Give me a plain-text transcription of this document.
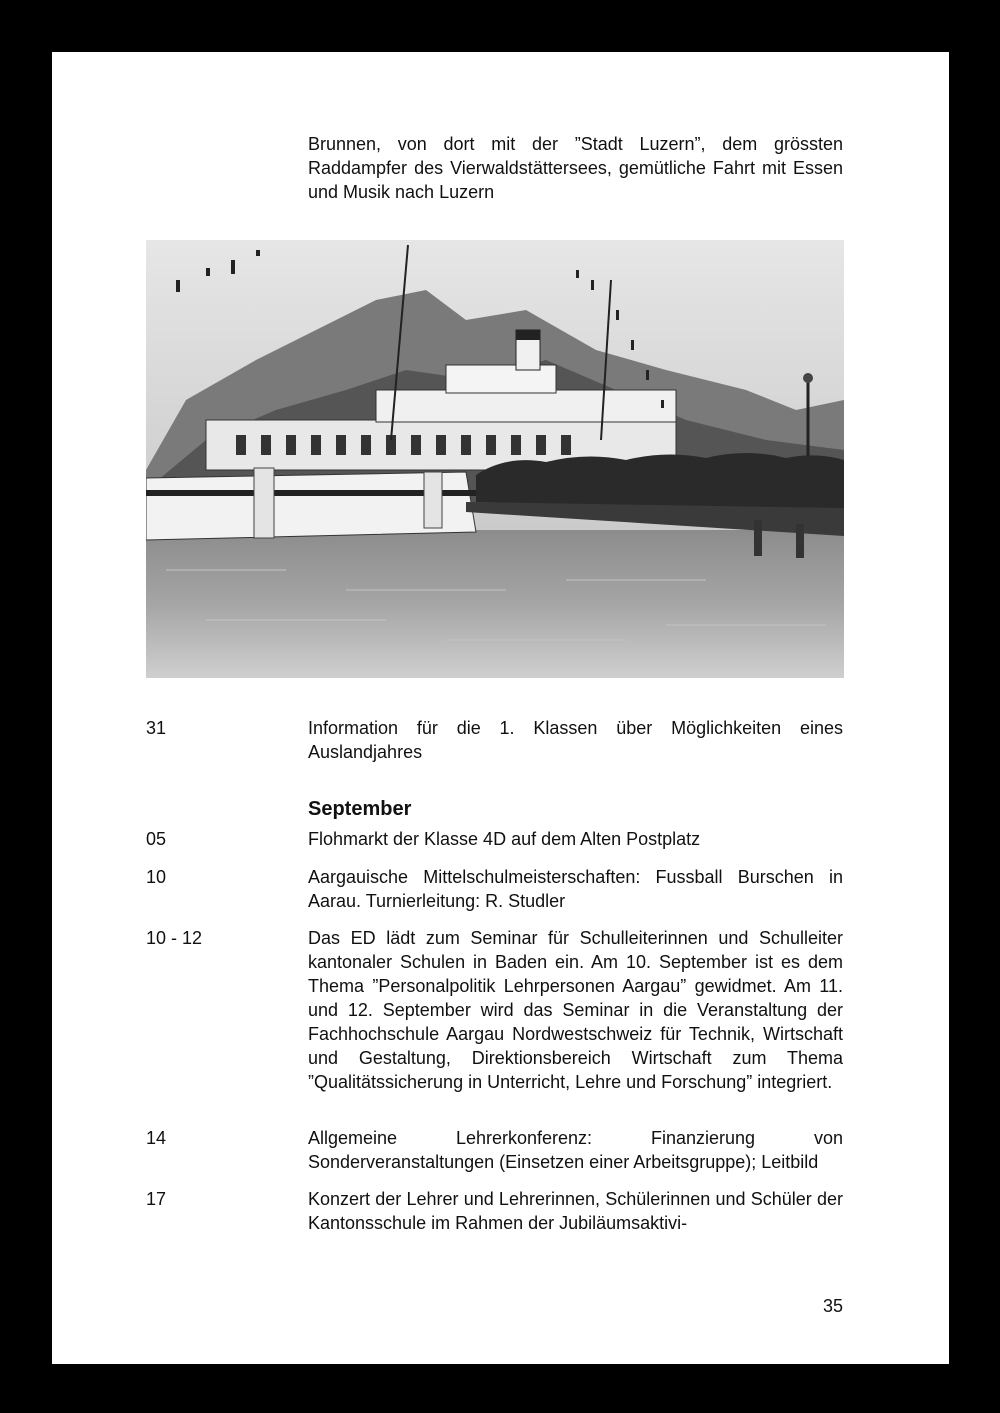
Brunnen, von dort mit der ”Stadt Luzern”, dem grössten Raddampfer des Vierwaldstättersees, gemütliche Fahrt mit Essen und Musik nach Luzern
31	Information für die 1. Klassen über Möglichkeiten eines Auslandjahres
September
05	Flohmarkt der Klasse 4D auf dem Alten Postplatz
10	Aargauische Mittelschulmeisterschaften: Fussball Burschen in Aarau. Turnierleitung: R. Studler
10 - 12	Das ED lädt zum Seminar für Schulleiterinnen und Schulleiter kantonaler Schulen in Baden ein. Am 10. September ist es dem Thema ”Personalpolitik Lehrpersonen Aargau” gewidmet. Am 11. und 12. September wird das Seminar in die Veranstaltung der Fachhochschule Aargau Nordwestschweiz für Technik, Wirtschaft und Gestaltung, Direktionsbereich Wirtschaft zum Thema ”Qualitätssicherung in Unterricht, Lehre und Forschung” integriert.
14	Allgemeine Lehrerkonferenz: Finanzierung von Sonderveranstaltungen (Einsetzen einer Arbeitsgruppe); Leitbild
17	Konzert der Lehrer und Lehrerinnen, Schülerinnen und Schüler der Kantonsschule im Rahmen der Jubiläumsaktivi-
35
